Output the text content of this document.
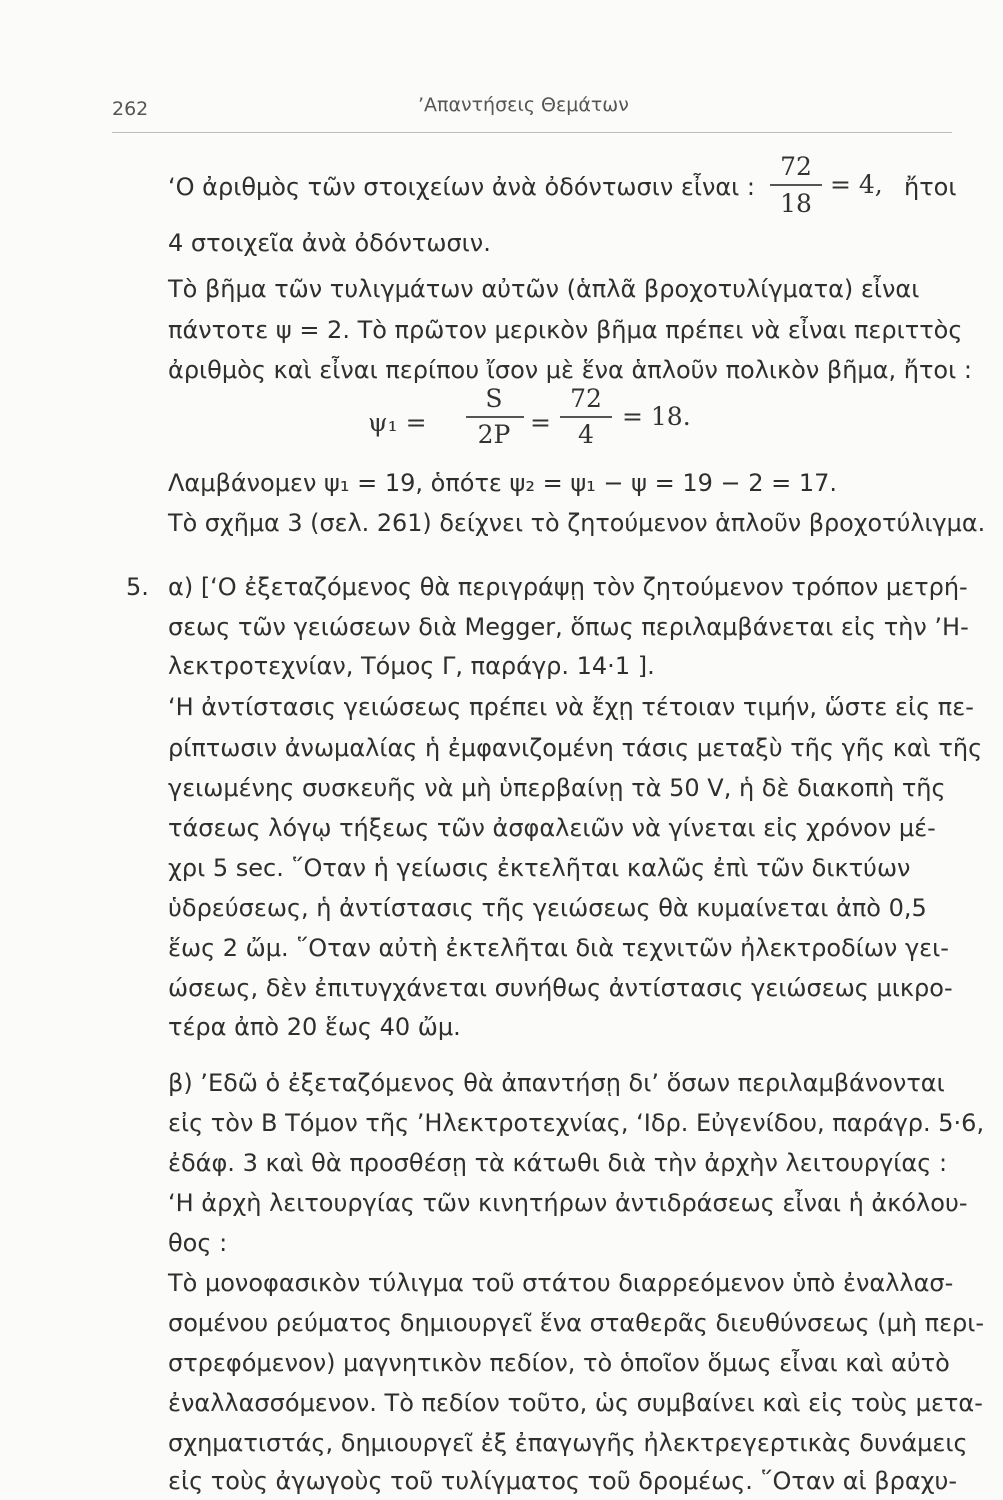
262	’Απαντήσεις Θεμάτων
‘Ο ἀριθμὸς τῶν στοιχείων ἀνὰ ὀδόντωσιν εἶναι :
72
18
= 4, ἤτοι
4 στοιχεῖα ἀνὰ ὀδόντωσιν.
Τὸ βῆμα τῶν τυλιγμάτων αὐτῶν (ἁπλᾶ βροχοτυλίγματα) εἶναι
πάντοτε ψ = 2. Τὸ πρῶτον μερικὸν βῆμα πρέπει νὰ εἶναι περιττὸς
ἀριθμὸς καὶ εἶναι περίπου ἴσον μὲ ἕνα ἁπλοῦν πολικὸν βῆμα, ἤτοι :
ψ₁ =
S
2P =
72
4
= 18.
Λαμβάνομεν ψ₁ = 19, ὁπότε ψ₂ = ψ₁ − ψ = 19 − 2 = 17.
Τὸ σχῆμα 3 (σελ. 261) δείχνει τὸ ζητούμενον ἁπλοῦν βροχοτύλιγμα.
5. α) [‘Ο ἐξεταζόμενος θὰ περιγράψῃ τὸν ζητούμενον τρόπον μετρή-
σεως τῶν γειώσεων διὰ Megger, ὅπως περιλαμβάνεται εἰς τὴν ’Η-
λεκτροτεχνίαν, Τόμος Γ, παράγρ. 14·1 ].
‘Η ἀντίστασις γειώσεως πρέπει νὰ ἔχῃ τέτοιαν τιμήν, ὥστε εἰς πε-
ρίπτωσιν ἀνωμαλίας ἡ ἐμφανιζομένη τάσις μεταξὺ τῆς γῆς καὶ τῆς
γειωμένης συσκευῆς νὰ μὴ ὑπερβαίνῃ τὰ 50 V, ἡ δὲ διακοπὴ τῆς
τάσεως λόγῳ τήξεως τῶν ἀσφαλειῶν νὰ γίνεται εἰς χρόνον μέ-
χρι 5 sec. ῞Οταν ἡ γείωσις ἐκτελῆται καλῶς ἐπὶ τῶν δικτύων
ὑδρεύσεως, ἡ ἀντίστασις τῆς γειώσεως θὰ κυμαίνεται ἀπὸ 0,5
ἕως 2 ὤμ. ῞Οταν αὐτὴ ἐκτελῆται διὰ τεχνιτῶν ἠλεκτροδίων γει-
ώσεως, δὲν ἐπιτυγχάνεται συνήθως ἀντίστασις γειώσεως μικρο-
τέρα ἀπὸ 20 ἕως 40 ὤμ.
β) ’Εδῶ ὁ ἐξεταζόμενος θὰ ἀπαντήσῃ δι’ ὅσων περιλαμβάνονται
εἰς τὸν Β Τόμον τῆς ’Ηλεκτροτεχνίας, ‘Ιδρ. Εὐγενίδου, παράγρ. 5·6,
ἐδάφ. 3 καὶ θὰ προσθέσῃ τὰ κάτωθι διὰ τὴν ἀρχὴν λειτουργίας :
‘Η ἀρχὴ λειτουργίας τῶν κινητήρων ἀντιδράσεως εἶναι ἡ ἀκόλου-
θος :
Τὸ μονοφασικὸν τύλιγμα τοῦ στάτου διαρρεόμενον ὑπὸ ἐναλλασ-
σομένου ρεύματος δημιουργεῖ ἕνα σταθερᾶς διευθύνσεως (μὴ περι-
στρεφόμενον) μαγνητικὸν πεδίον, τὸ ὁποῖον ὅμως εἶναι καὶ αὐτὸ
ἐναλλασσόμενον. Τὸ πεδίον τοῦτο, ὡς συμβαίνει καὶ εἰς τοὺς μετα-
σχηματιστάς, δημιουργεῖ ἐξ ἐπαγωγῆς ἠλεκτρεγερτικὰς δυνάμεις
εἰς τοὺς ἀγωγοὺς τοῦ τυλίγματος τοῦ δρομέως. ῞Οταν αἱ βραχυ-
